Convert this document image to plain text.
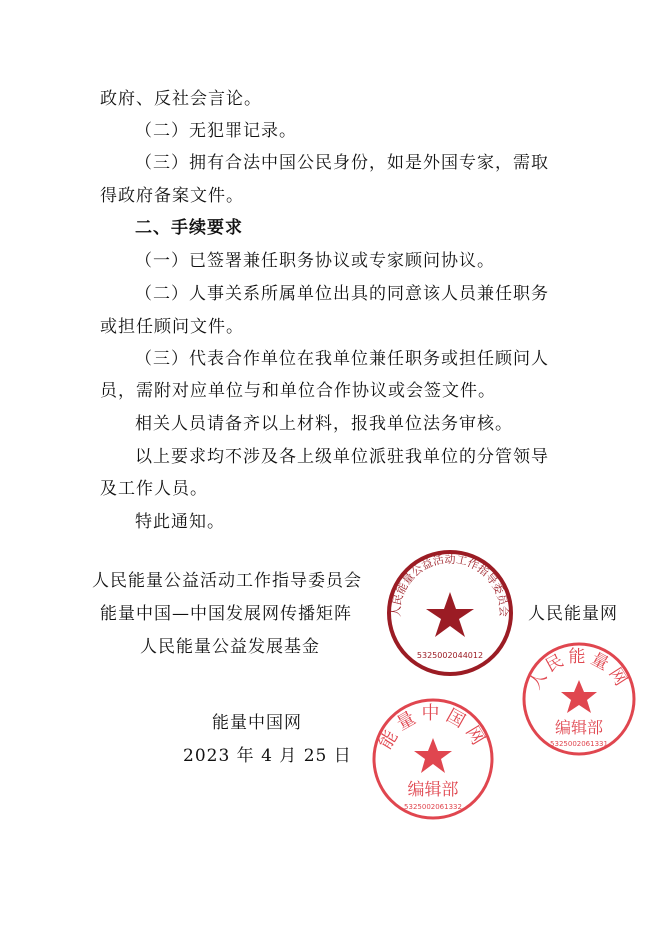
政府、反社会言论。
（二）无犯罪记录。
（三）拥有合法中国公民身份，如是外国专家，需取
得政府备案文件。
二、手续要求
（一）已签署兼任职务协议或专家顾问协议。
（二）人事关系所属单位出具的同意该人员兼任职务
或担任顾问文件。
（三）代表合作单位在我单位兼任职务或担任顾问人
员，需附对应单位与和单位合作协议或会签文件。
相关人员请备齐以上材料，报我单位法务审核。
以上要求均不涉及各上级单位派驻我单位的分管领导
及工作人员。
特此通知。
人民能量公益活动工作指导委员会
能量中国—中国发展网传播矩阵
人民能量公益发展基金
人民能量公益活动工作指导委员会
5325002044012
人民能量网
人民能量网
编辑部
5325002061331
能量中国网
2023 年 4 月 25 日
能量中国网
编辑部
5325002061332
